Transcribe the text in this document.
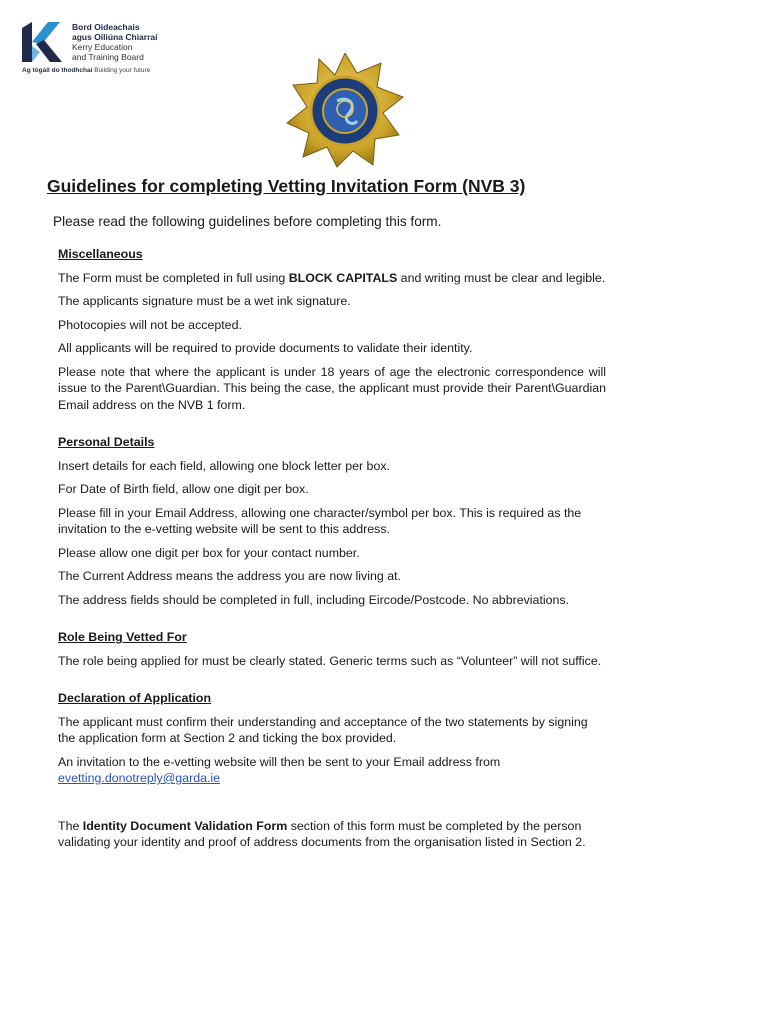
Bord Oideachais
agus Oiliúna Chiarraí
Kerry Education
and Training Board
Ag tógáil do thodhchaí Building your future
Guidelines for completing Vetting Invitation Form (NVB 3)

Please read the following guidelines before completing this form.

Miscellaneous

The Form must be completed in full using BLOCK CAPITALS and writing must be clear and legible.

The applicants signature must be a wet ink signature.

Photocopies will not be accepted.

All applicants will be required to provide documents to validate their identity.

Please note that where the applicant is under 18 years of age the electronic correspondence will issue to the Parent\Guardian. This being the case, the applicant must provide their Parent\Guardian Email address on the NVB 1 form.

Personal Details

Insert details for each field, allowing one block letter per box.

For Date of Birth field, allow one digit per box.

Please fill in your Email Address, allowing one character/symbol per box. This is required as the invitation to the e-vetting website will be sent to this address.

Please allow one digit per box for your contact number.

The Current Address means the address you are now living at.

The address fields should be completed in full, including Eircode/Postcode. No abbreviations.

Role Being Vetted For

The role being applied for must be clearly stated. Generic terms such as “Volunteer” will not suffice.

Declaration of Application

The applicant must confirm their understanding and acceptance of the two statements by signing the application form at Section 2 and ticking the box provided.

An invitation to the e-vetting website will then be sent to your Email address from
evetting.donotreply@garda.ie

The Identity Document Validation Form section of this form must be completed by the person validating your identity and proof of address documents from the organisation listed in Section 2.
